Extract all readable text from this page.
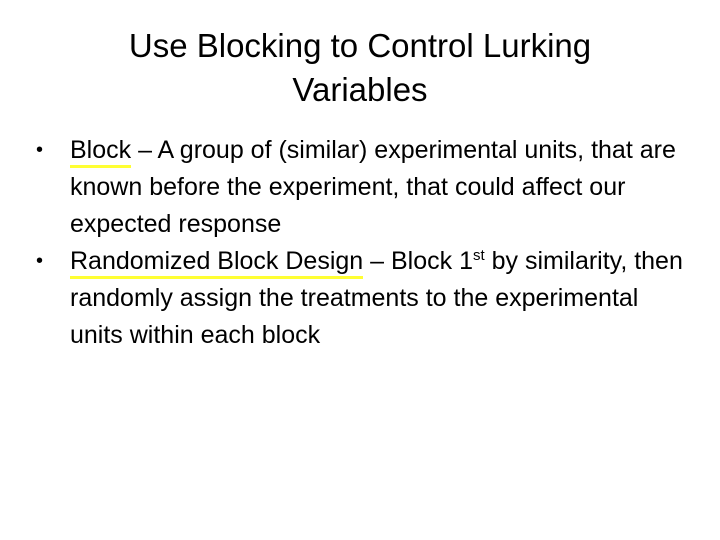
Use Blocking to Control Lurking
Variables
•	Block – A group of (similar) experimental units, that are known before the experiment, that could affect our expected response
•	Randomized Block Design – Block 1st by similarity, then randomly assign the treatments to the experimental units within each block
